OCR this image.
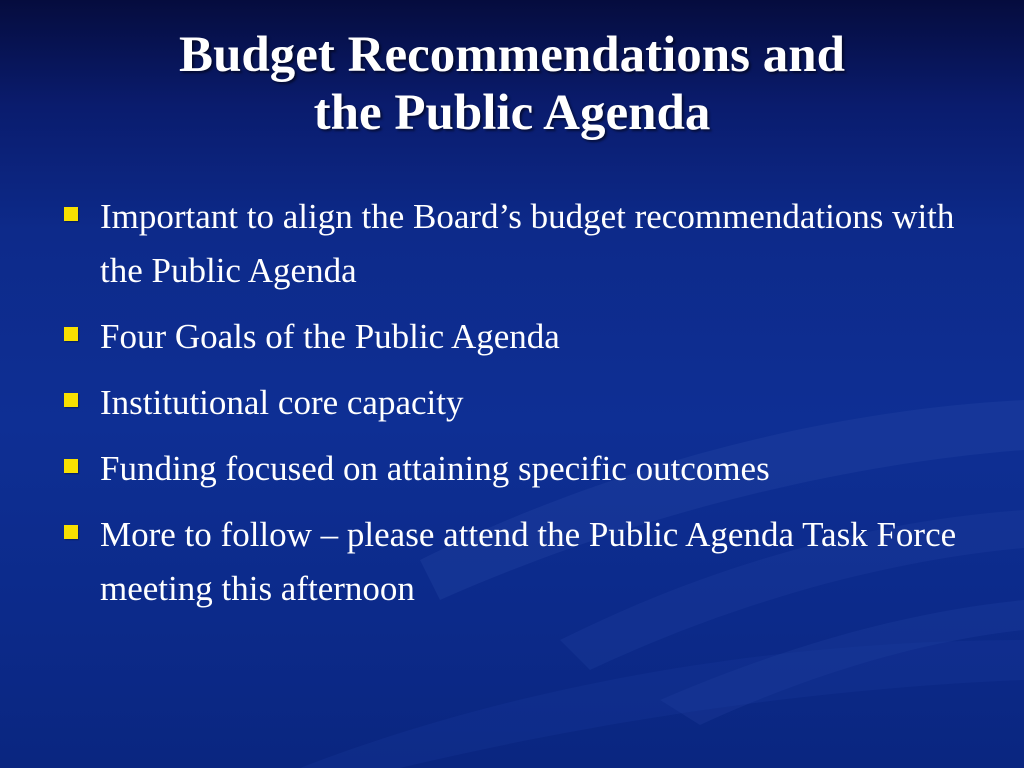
Budget Recommendations and
the Public Agenda
Important to align the Board’s budget recommendations with the Public Agenda
Four Goals of the Public Agenda
Institutional core capacity
Funding focused on attaining specific outcomes
More to follow – please attend the Public Agenda Task Force meeting this afternoon
